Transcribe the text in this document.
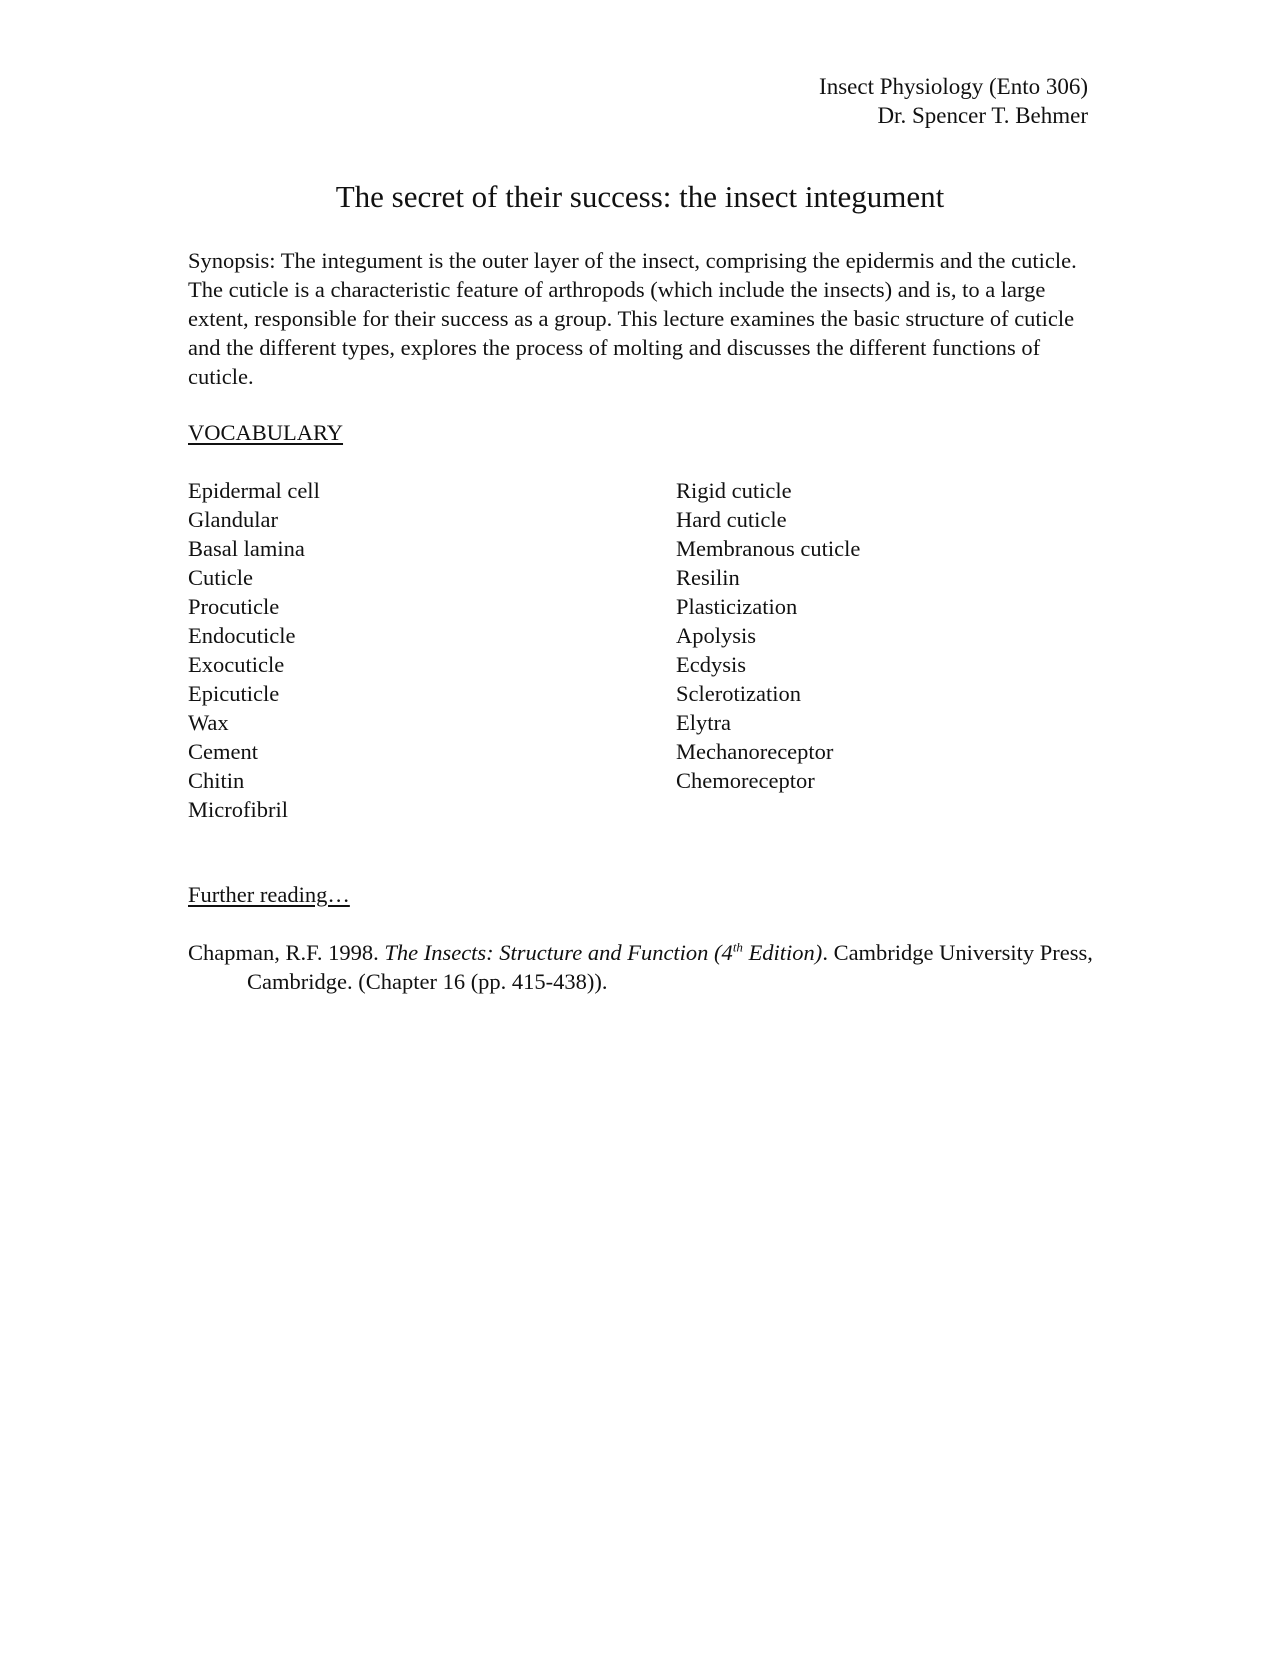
Insect Physiology (Ento 306)
Dr. Spencer T. Behmer
The secret of their success: the insect integument
Synopsis: The integument is the outer layer of the insect, comprising the epidermis and the cuticle. The cuticle is a characteristic feature of arthropods (which include the insects) and is, to a large extent, responsible for their success as a group. This lecture examines the basic structure of cuticle and the different types, explores the process of molting and discusses the different functions of cuticle.
VOCABULARY
Epidermal cell
Glandular
Basal lamina
Cuticle
Procuticle
Endocuticle
Exocuticle
Epicuticle
Wax
Cement
Chitin
Microfibril
Rigid cuticle
Hard cuticle
Membranous cuticle
Resilin
Plasticization
Apolysis
Ecdysis
Sclerotization
Elytra
Mechanoreceptor
Chemoreceptor
Further reading…
Chapman, R.F. 1998. The Insects: Structure and Function (4th Edition). Cambridge University Press, Cambridge. (Chapter 16 (pp. 415-438)).
